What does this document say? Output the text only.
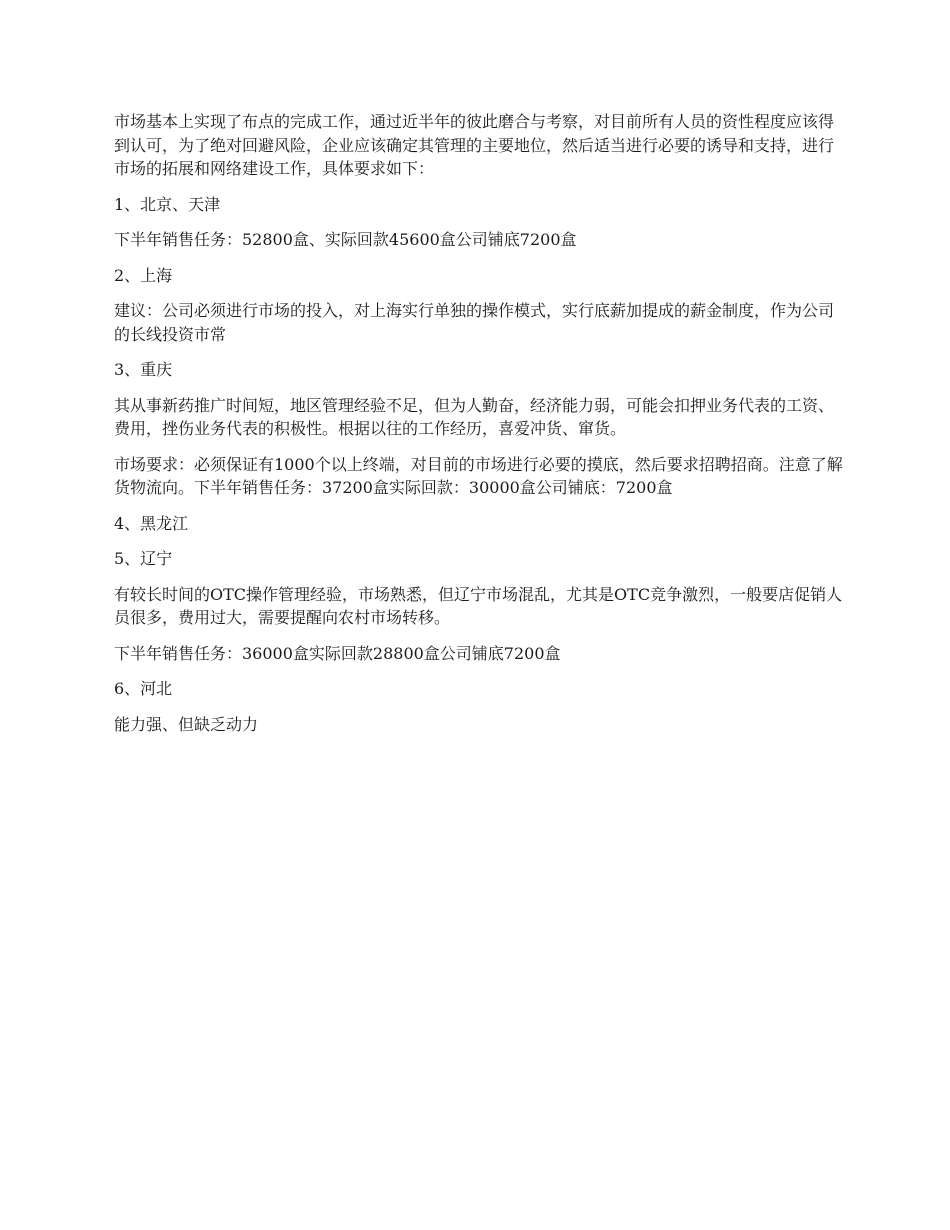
市场基本上实现了布点的完成工作，通过近半年的彼此磨合与考察，对目前所有人员的资性程度应该得到认可，为了绝对回避风险，企业应该确定其管理的主要地位，然后适当进行必要的诱导和支持，进行市场的拓展和网络建设工作，具体要求如下：

1、北京、天津

下半年销售任务：52800盒、实际回款45600盒公司铺底7200盒

2、上海

建议：公司必须进行市场的投入，对上海实行单独的操作模式，实行底薪加提成的薪金制度，作为公司的长线投资市常

3、重庆

其从事新药推广时间短，地区管理经验不足，但为人勤奋，经济能力弱，可能会扣押业务代表的工资、费用，挫伤业务代表的积极性。根据以往的工作经历，喜爱冲货、窜货。

市场要求：必须保证有1000个以上终端，对目前的市场进行必要的摸底，然后要求招聘招商。注意了解货物流向。下半年销售任务：37200盒实际回款：30000盒公司铺底：7200盒

4、黑龙江

5、辽宁

有较长时间的OTC操作管理经验，市场熟悉，但辽宁市场混乱，尤其是OTC竞争激烈，一般要店促销人员很多，费用过大，需要提醒向农村市场转移。

下半年销售任务：36000盒实际回款28800盒公司铺底7200盒

6、河北

能力强、但缺乏动力
